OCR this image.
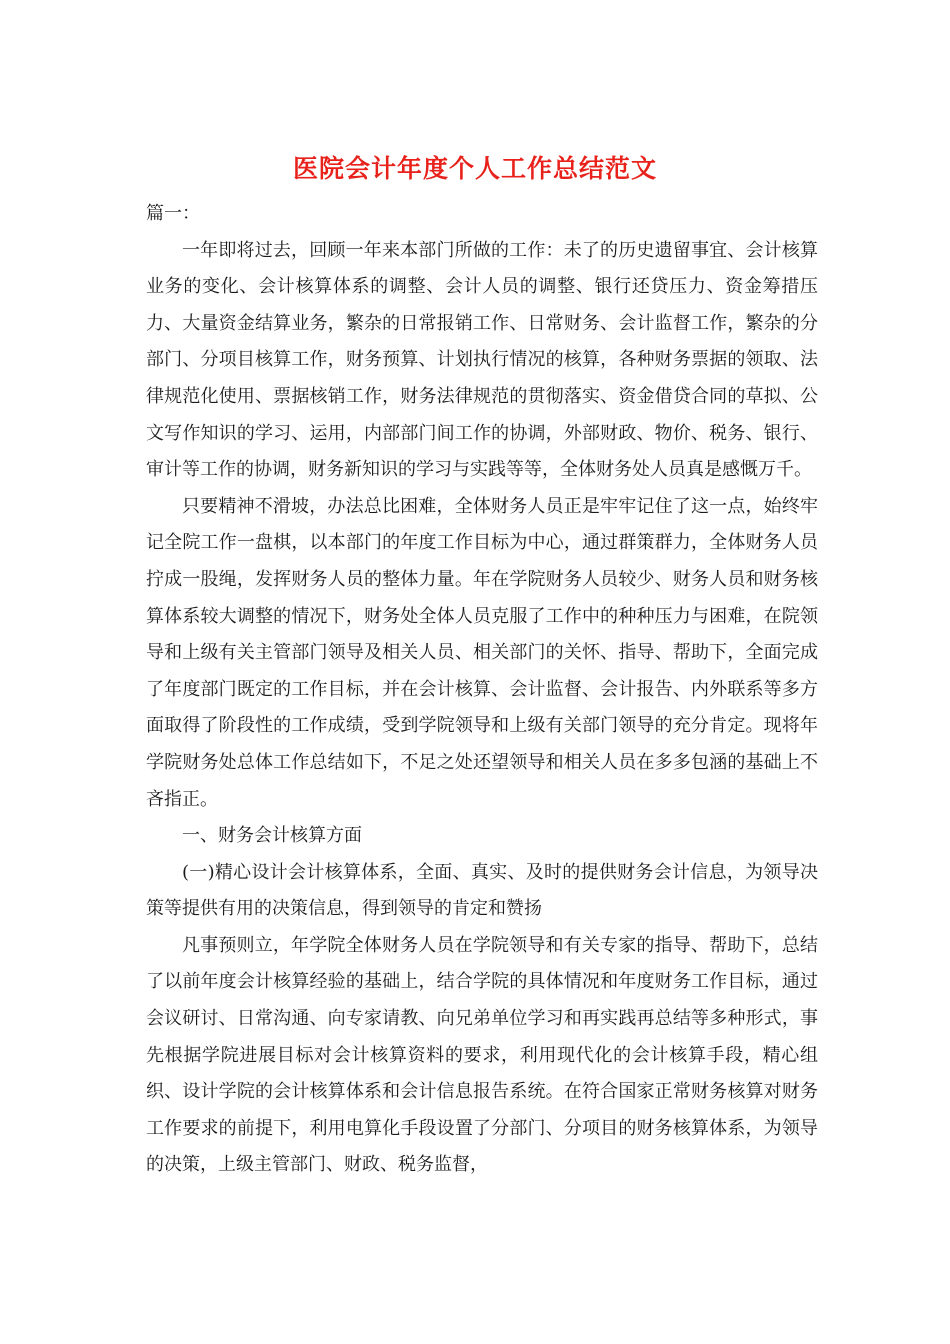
医院会计年度个人工作总结范文

篇一：

一年即将过去，回顾一年来本部门所做的工作：未了的历史遗留事宜、会计核算业务的变化、会计核算体系的调整、会计人员的调整、银行还贷压力、资金筹措压力、大量资金结算业务，繁杂的日常报销工作、日常财务、会计监督工作，繁杂的分部门、分项目核算工作，财务预算、计划执行情况的核算，各种财务票据的领取、法律规范化使用、票据核销工作，财务法律规范的贯彻落实、资金借贷合同的草拟、公文写作知识的学习、运用，内部部门间工作的协调，外部财政、物价、税务、银行、审计等工作的协调，财务新知识的学习与实践等等，全体财务处人员真是感慨万千。

只要精神不滑坡，办法总比困难，全体财务人员正是牢牢记住了这一点，始终牢记全院工作一盘棋，以本部门的年度工作目标为中心，通过群策群力，全体财务人员拧成一股绳，发挥财务人员的整体力量。年在学院财务人员较少、财务人员和财务核算体系较大调整的情况下，财务处全体人员克服了工作中的种种压力与困难，在院领导和上级有关主管部门领导及相关人员、相关部门的关怀、指导、帮助下，全面完成了年度部门既定的工作目标，并在会计核算、会计监督、会计报告、内外联系等多方面取得了阶段性的工作成绩，受到学院领导和上级有关部门领导的充分肯定。现将年学院财务处总体工作总结如下，不足之处还望领导和相关人员在多多包涵的基础上不吝指正。

一、财务会计核算方面

(一)精心设计会计核算体系，全面、真实、及时的提供财务会计信息，为领导决策等提供有用的决策信息，得到领导的肯定和赞扬

凡事预则立，年学院全体财务人员在学院领导和有关专家的指导、帮助下，总结了以前年度会计核算经验的基础上，结合学院的具体情况和年度财务工作目标，通过会议研讨、日常沟通、向专家请教、向兄弟单位学习和再实践再总结等多种形式，事先根据学院进展目标对会计核算资料的要求，利用现代化的会计核算手段，精心组织、设计学院的会计核算体系和会计信息报告系统。在符合国家正常财务核算对财务工作要求的前提下，利用电算化手段设置了分部门、分项目的财务核算体系，为领导的决策，上级主管部门、财政、税务监督，
